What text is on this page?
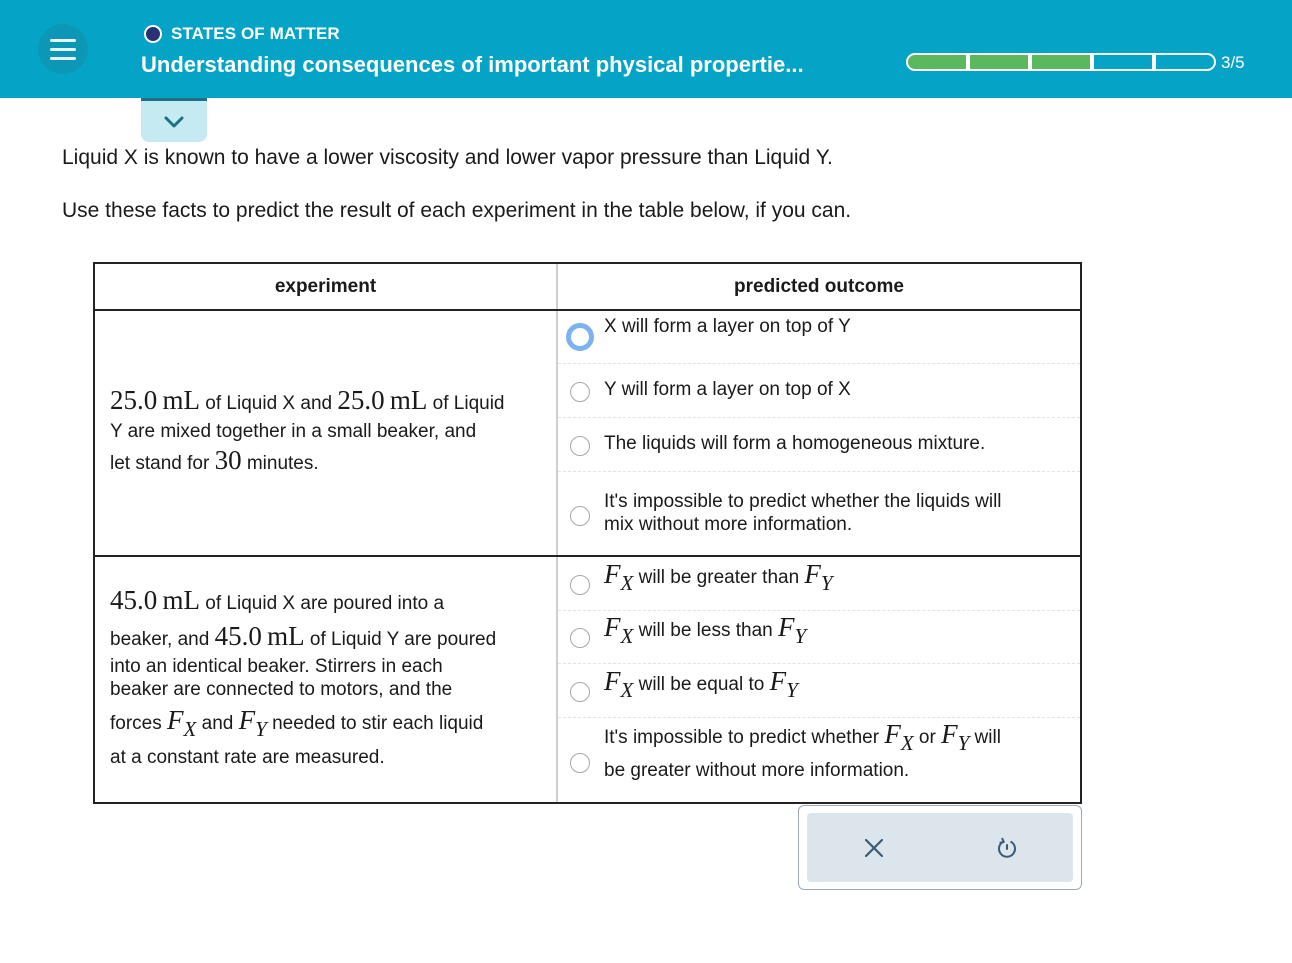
STATES OF MATTER
Understanding consequences of important physical propertie...	3/5
Liquid X is known to have a lower viscosity and lower vapor pressure than Liquid Y.
Use these facts to predict the result of each experiment in the table below, if you can.
experiment	predicted outcome
25.0 mL of Liquid X and 25.0 mL of Liquid
Y are mixed together in a small beaker, and
let stand for 30 minutes.
X will form a layer on top of Y
Y will form a layer on top of X
The liquids will form a homogeneous mixture.
It's impossible to predict whether the liquids will
mix without more information.
45.0 mL of Liquid X are poured into a
beaker, and 45.0 mL of Liquid Y are poured
into an identical beaker. Stirrers in each
beaker are connected to motors, and the
forces FX and FY needed to stir each liquid
at a constant rate are measured.
FX will be greater than FY
FX will be less than FY
FX will be equal to FY
It's impossible to predict whether FX or FY will
be greater without more information.
